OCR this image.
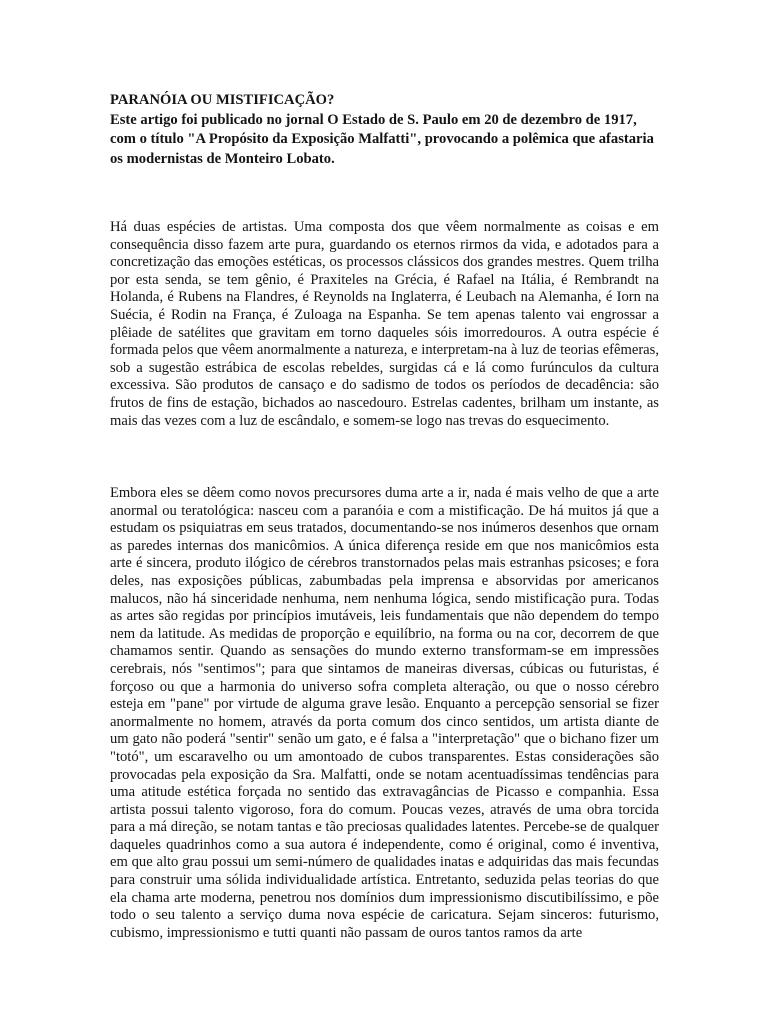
PARANÓIA OU MISTIFICAÇÃO?

Este artigo foi publicado no jornal O Estado de S. Paulo em 20 de dezembro de 1917, com o título "A Propósito da Exposição Malfatti", provocando a polêmica que afastaria os modernistas de Monteiro Lobato.

Há duas espécies de artistas. Uma composta dos que vêem normalmente as coisas e em consequência disso fazem arte pura, guardando os eternos rirmos da vida, e adotados para a concretização das emoções estéticas, os processos clássicos dos grandes mestres. Quem trilha por esta senda, se tem gênio, é Praxiteles na Grécia, é Rafael na Itália, é Rembrandt na Holanda, é Rubens na Flandres, é Reynolds na Inglaterra, é Leubach na Alemanha, é Iorn na Suécia, é Rodin na França, é Zuloaga na Espanha. Se tem apenas talento vai engrossar a plêiade de satélites que gravitam em torno daqueles sóis imorredouros. A outra espécie é formada pelos que vêem anormalmente a natureza, e interpretam-na à luz de teorias efêmeras, sob a sugestão estrábica de escolas rebeldes, surgidas cá e lá como furúnculos da cultura excessiva. São produtos de cansaço e do sadismo de todos os períodos de decadência: são frutos de fins de estação, bichados ao nascedouro. Estrelas cadentes, brilham um instante, as mais das vezes com a luz de escândalo, e somem-se logo nas trevas do esquecimento.

Embora eles se dêem como novos precursores duma arte a ir, nada é mais velho de que a arte anormal ou teratológica: nasceu com a paranóia e com a mistificação. De há muitos já que a estudam os psiquiatras em seus tratados, documentando-se nos inúmeros desenhos que ornam as paredes internas dos manicômios. A única diferença reside em que nos manicômios esta arte é sincera, produto ilógico de cérebros transtornados pelas mais estranhas psicoses; e fora deles, nas exposições públicas, zabumbadas pela imprensa e absorvidas por americanos malucos, não há sinceridade nenhuma, nem nenhuma lógica, sendo mistificação pura. Todas as artes são regidas por princípios imutáveis, leis fundamentais que não dependem do tempo nem da latitude. As medidas de proporção e equilíbrio, na forma ou na cor, decorrem de que chamamos sentir. Quando as sensações do mundo externo transformam-se em impressões cerebrais, nós "sentimos"; para que sintamos de maneiras diversas, cúbicas ou futuristas, é forçoso ou que a harmonia do universo sofra completa alteração, ou que o nosso cérebro esteja em "pane" por virtude de alguma grave lesão. Enquanto a percepção sensorial se fizer anormalmente no homem, através da porta comum dos cinco sentidos, um artista diante de um gato não poderá "sentir" senão um gato, e é falsa a "interpretação" que o bichano fizer um "totó", um escaravelho ou um amontoado de cubos transparentes. Estas considerações são provocadas pela exposição da Sra. Malfatti, onde se notam acentuadíssimas tendências para uma atitude estética forçada no sentido das extravagâncias de Picasso e companhia. Essa artista possui talento vigoroso, fora do comum. Poucas vezes, através de uma obra torcida para a má direção, se notam tantas e tão preciosas qualidades latentes. Percebe-se de qualquer daqueles quadrinhos como a sua autora é independente, como é original, como é inventiva, em que alto grau possui um semi-número de qualidades inatas e adquiridas das mais fecundas para construir uma sólida individualidade artística. Entretanto, seduzida pelas teorias do que ela chama arte moderna, penetrou nos domínios dum impressionismo discutibilíssimo, e põe todo o seu talento a serviço duma nova espécie de caricatura. Sejam sinceros: futurismo, cubismo, impressionismo e tutti quanti não passam de ouros tantos ramos da arte
